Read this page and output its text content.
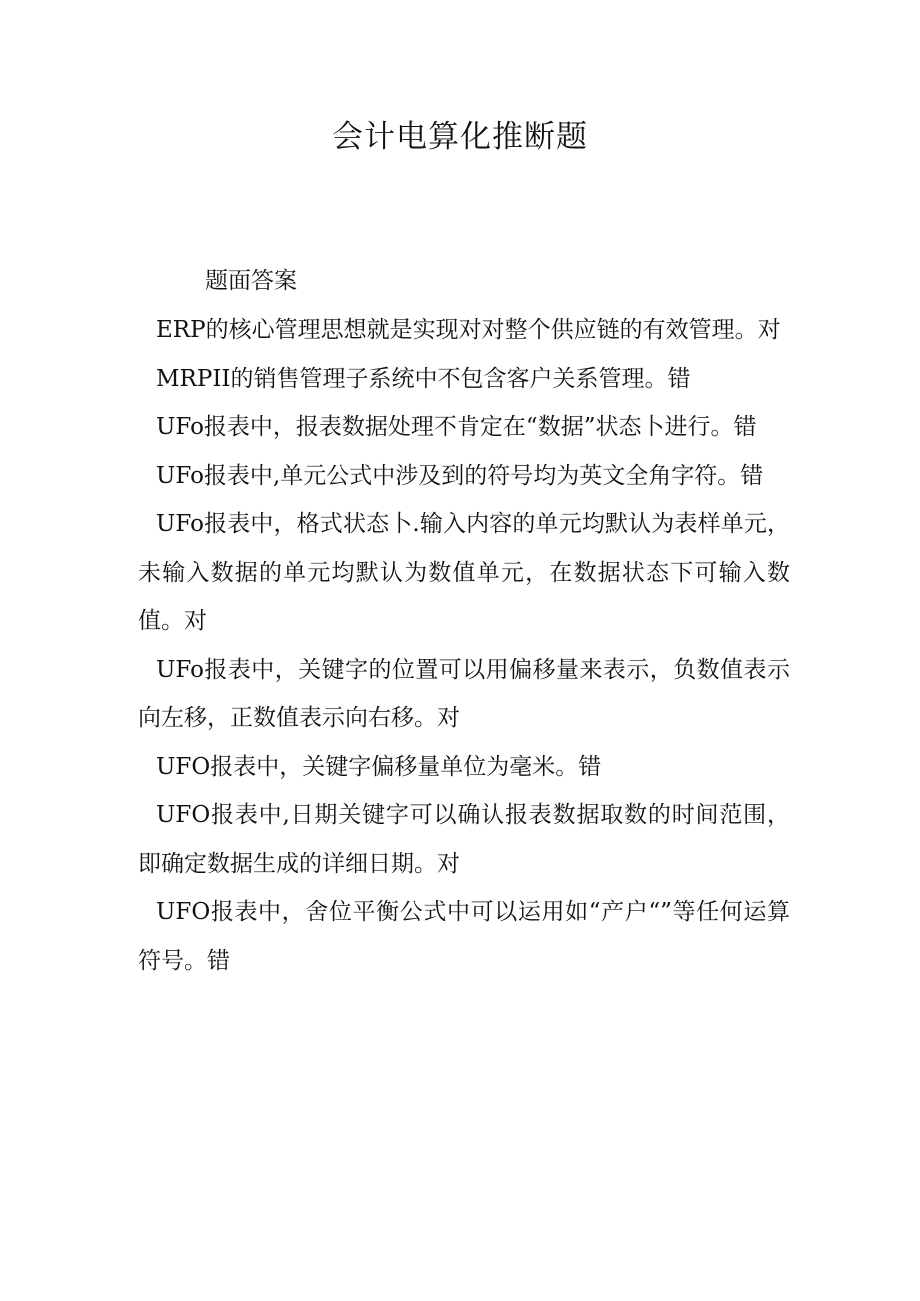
会计电算化推断题
题面答案

ERP的核心管理思想就是实现对对整个供应链的有效管理。对

MRPII的销售管理子系统中不包含客户关系管理。错

UFo报表中，报表数据处理不肯定在“数据”状态卜进行。错

UFo报表中,单元公式中涉及到的符号均为英文全角字符。错

UFo报表中，格式状态卜.输入内容的单元均默认为表样单元，未输入数据的单元均默认为数值单元，在数据状态下可输入数值。对

UFo报表中，关键字的位置可以用偏移量来表示，负数值表示向左移，正数值表示向右移。对

UFO报表中，关键字偏移量单位为毫米。错

UFO报表中,日期关键字可以确认报表数据取数的时间范围，即确定数据生成的详细日期。对

UFO报表中，舍位平衡公式中可以运用如“产户“”等任何运算符号。错
